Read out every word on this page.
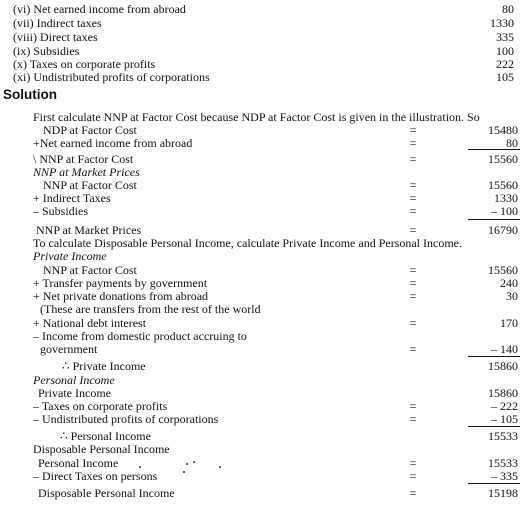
(vi) Net earned income from abroad	80
(vii) Indirect taxes	1330
(viii) Direct taxes	335
(ix) Subsidies	100
(x) Taxes on corporate profits	222
(xi) Undistributed profits of corporations	105
Solution
First calculate NNP at Factor Cost because NDP at Factor Cost is given in the illustration. So
NDP at Factor Cost	=	15480
+Net earned income from abroad	=	80
\ NNP at Factor Cost	=	15560
NNP at Market Prices
NNP at Factor Cost	=	15560
+ Indirect Taxes	=	1330
– Subsidies	=	– 100
NNP at Market Prices	=	16790
To calculate Disposable Personal Income, calculate Private Income and Personal Income.
Private Income
NNP at Factor Cost	=	15560
+ Transfer payments by government	=	240
+ Net private donations from abroad	=	30
(These are transfers from the rest of the world
+ National debt interest	=	170
– Income from domestic product accruing to
government	=	– 140
∴ Private Income	15860
Personal Income
Private Income	15860
– Taxes on corporate profits	=	– 222
– Undistributed profits of corporations	=	– 105
∴ Personal Income	15533
Disposable Personal Income
Personal Income	=	15533
– Direct Taxes on persons	=	– 335
Disposable Personal Income	=	15198
